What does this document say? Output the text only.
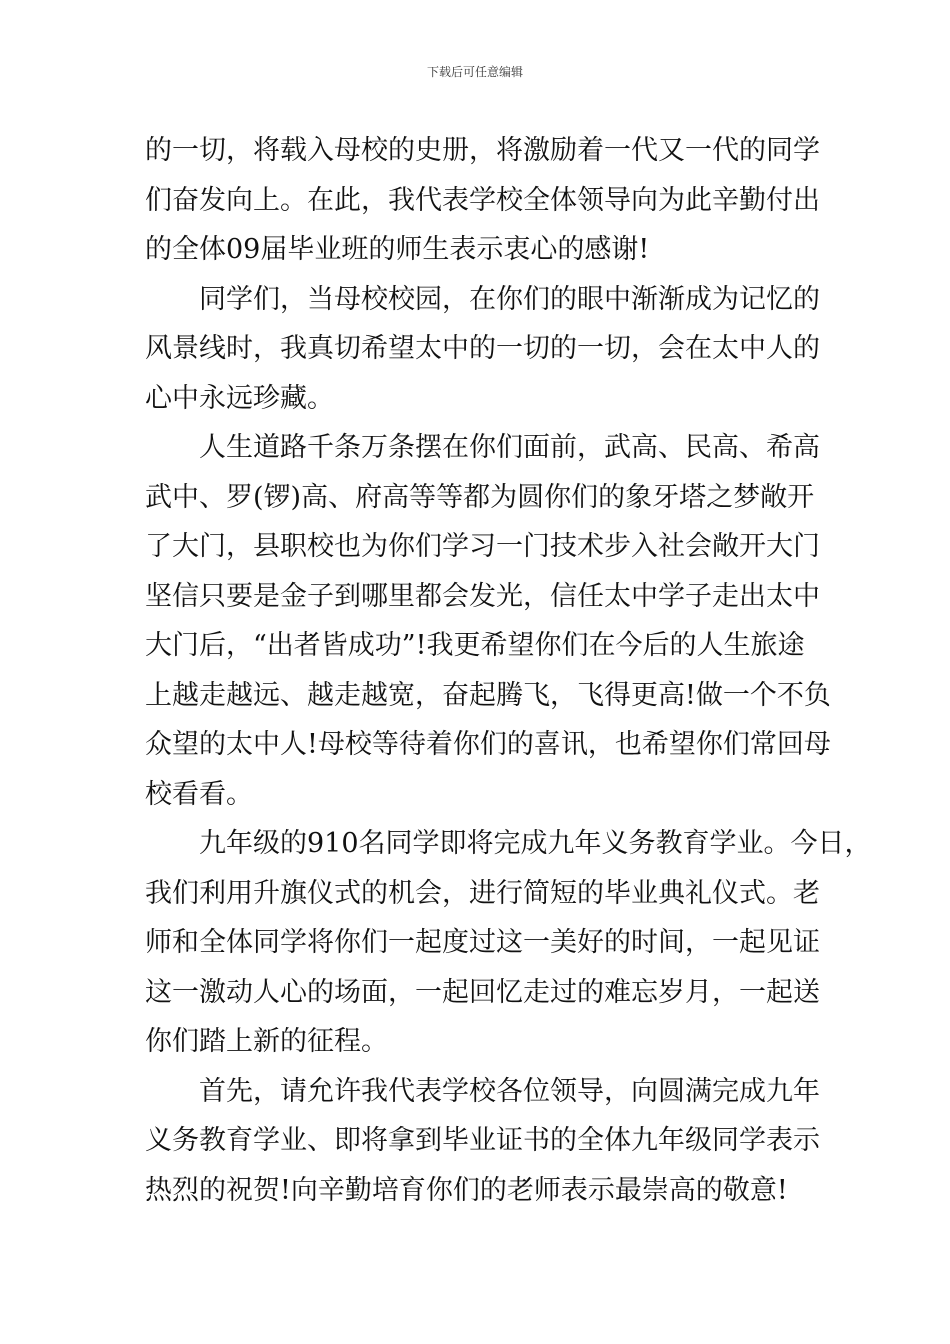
下载后可任意编辑
的一切，将载入母校的史册，将激励着一代又一代的同学
们奋发向上。在此，我代表学校全体领导向为此辛勤付出
的全体09届毕业班的师生表示衷心的感谢!
同学们，当母校校园，在你们的眼中渐渐成为记忆的
风景线时，我真切希望太中的一切的一切，会在太中人的
心中永远珍藏。
人生道路千条万条摆在你们面前，武高、民高、希高
武中、罗(锣)高、府高等等都为圆你们的象牙塔之梦敞开
了大门，县职校也为你们学习一门技术步入社会敞开大门
坚信只要是金子到哪里都会发光，信任太中学子走出太中
大门后，“出者皆成功”!我更希望你们在今后的人生旅途
上越走越远、越走越宽，奋起腾飞，飞得更高!做一个不负
众望的太中人!母校等待着你们的喜讯，也希望你们常回母
校看看。
九年级的910名同学即将完成九年义务教育学业。今日，
我们利用升旗仪式的机会，进行简短的毕业典礼仪式。老
师和全体同学将你们一起度过这一美好的时间，一起见证
这一激动人心的场面，一起回忆走过的难忘岁月，一起送
你们踏上新的征程。
首先，请允许我代表学校各位领导，向圆满完成九年
义务教育学业、即将拿到毕业证书的全体九年级同学表示
热烈的祝贺!向辛勤培育你们的老师表示最崇高的敬意!
